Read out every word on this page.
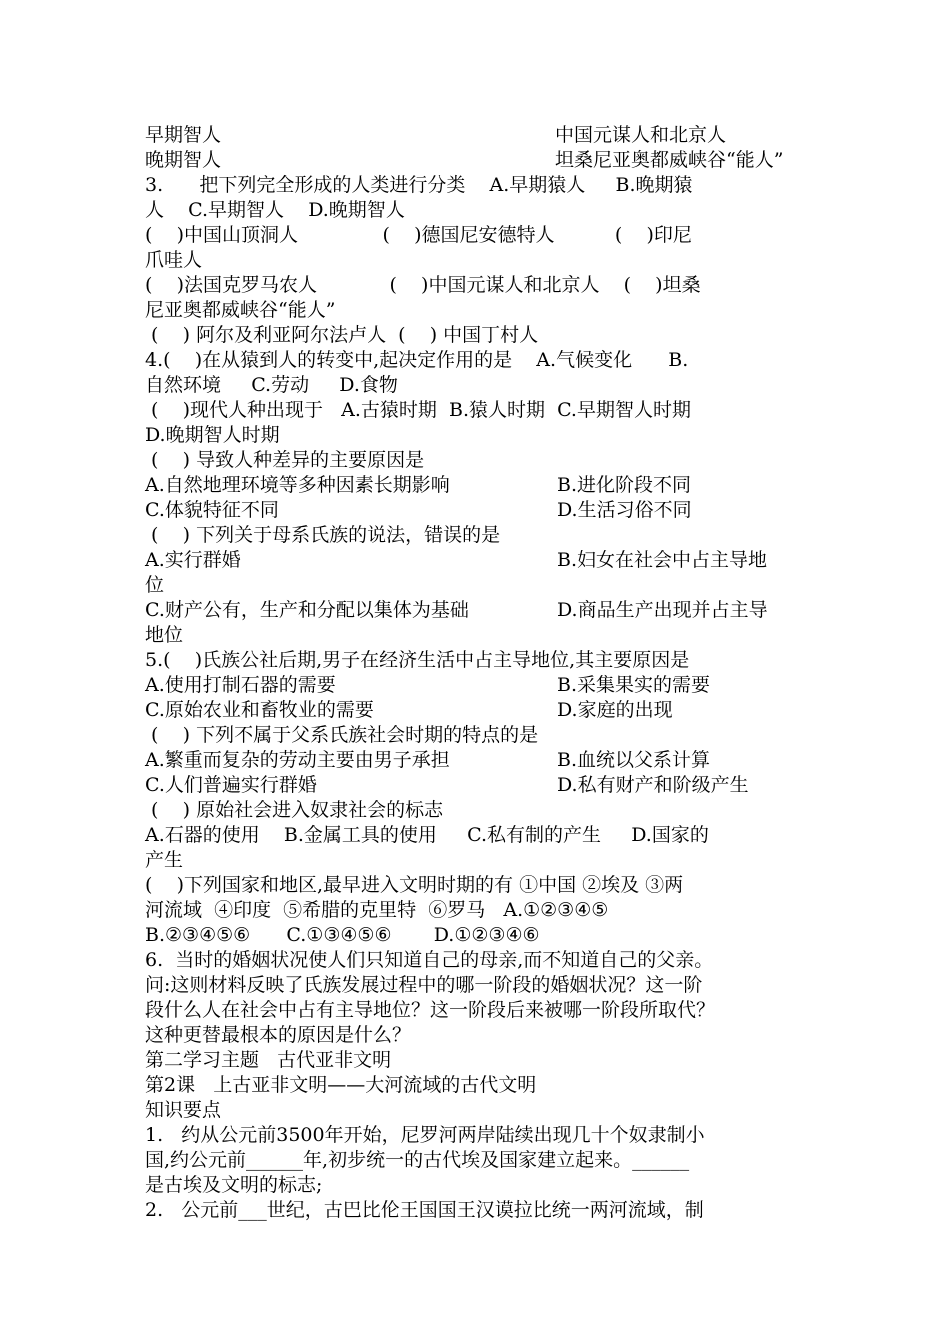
早期智人	中国元谋人和北京人
晚期智人	坦桑尼亚奥都威峡谷“能人”
3.      把下列完全形成的人类进行分类    A.早期猿人     B.晚期猿
人    C.早期智人    D.晚期智人
(    )中国山顶洞人              (    )德国尼安德特人          (    )印尼
爪哇人
(    )法国克罗马农人            (    )中国元谋人和北京人    (    )坦桑
尼亚奥都威峡谷“能人”
(    ) 阿尔及利亚阿尔法卢人  (    ) 中国丁村人
4.(    )在从猿到人的转变中,起决定作用的是    A.气候变化      B.
自然环境     C.劳动     D.食物
(    )现代人种出现于   A.古猿时期  B.猿人时期  C.早期智人时期
D.晚期智人时期
(    ) 导致人种差异的主要原因是
A.自然地理环境等多种因素长期影响	B.进化阶段不同
C.体貌特征不同	D.生活习俗不同
(    ) 下列关于母系氏族的说法，错误的是
A.实行群婚	B.妇女在社会中占主导地
位
C.财产公有，生产和分配以集体为基础	D.商品生产出现并占主导
地位
5.(    )氏族公社后期,男子在经济生活中占主导地位,其主要原因是
A.使用打制石器的需要	B.采集果实的需要
C.原始农业和畜牧业的需要	D.家庭的出现
(    ) 下列不属于父系氏族社会时期的特点的是
A.繁重而复杂的劳动主要由男子承担	B.血统以父系计算
C.人们普遍实行群婚	D.私有财产和阶级产生
(    ) 原始社会进入奴隶社会的标志
A.石器的使用    B.金属工具的使用     C.私有制的产生     D.国家的
产生
(    )下列国家和地区,最早进入文明时期的有 ①中国 ②埃及 ③两
河流域  ④印度  ⑤希腊的克里特  ⑥罗马   A.①②③④⑤
B.②③④⑤⑥      C.①③④⑤⑥       D.①②③④⑥
6.  当时的婚姻状况使人们只知道自己的母亲,而不知道自己的父亲。
问:这则材料反映了氏族发展过程中的哪一阶段的婚姻状况？这一阶
段什么人在社会中占有主导地位？这一阶段后来被哪一阶段所取代？
这种更替最根本的原因是什么？
第二学习主题   古代亚非文明
第2课   上古亚非文明——大河流域的古代文明
知识要点
1.   约从公元前3500年开始，尼罗河两岸陆续出现几十个奴隶制小
国,约公元前______年,初步统一的古代埃及国家建立起来。______
是古埃及文明的标志;
2.   公元前___世纪，古巴比伦王国国王汉谟拉比统一两河流域，制
